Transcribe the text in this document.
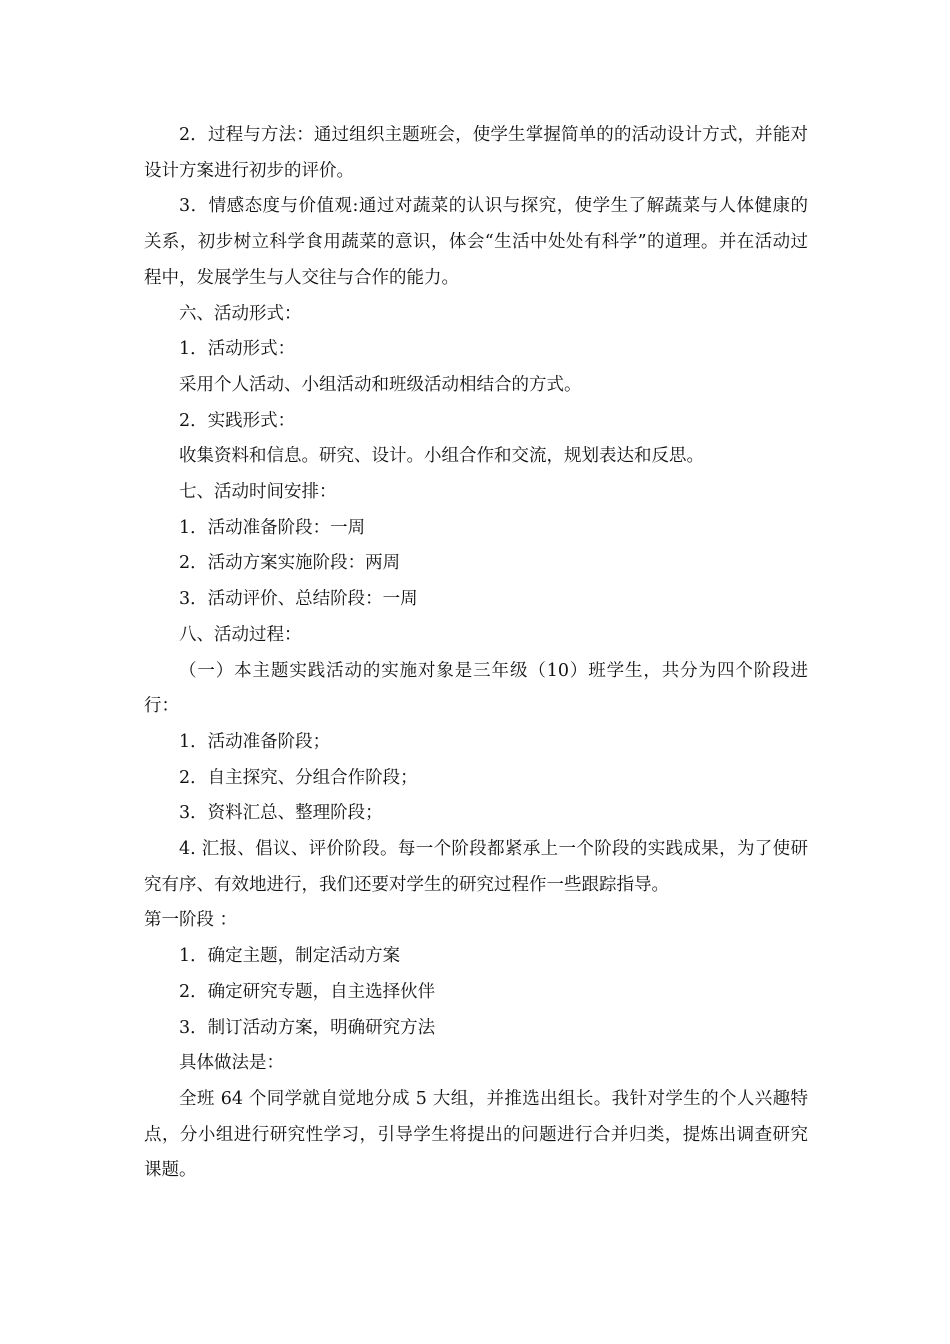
2．过程与方法：通过组织主题班会，使学生掌握简单的的活动设计方式，并能对设计方案进行初步的评价。

3．情感态度与价值观:通过对蔬菜的认识与探究，使学生了解蔬菜与人体健康的关系，初步树立科学食用蔬菜的意识，体会“生活中处处有科学”的道理。并在活动过程中，发展学生与人交往与合作的能力。

六、活动形式：

1．活动形式：

采用个人活动、小组活动和班级活动相结合的方式。

2．实践形式：

收集资料和信息。研究、设计。小组合作和交流，规划表达和反思。

七、活动时间安排：

1．活动准备阶段：一周

2．活动方案实施阶段：两周

3．活动评价、总结阶段：一周

八、活动过程：

（一）本主题实践活动的实施对象是三年级（10）班学生，共分为四个阶段进行：

1．活动准备阶段；

2．自主探究、分组合作阶段；

3．资料汇总、整理阶段；

4. 汇报、倡议、评价阶段。每一个阶段都紧承上一个阶段的实践成果，为了使研究有序、有效地进行，我们还要对学生的研究过程作一些跟踪指导。

第一阶段 ：

1．确定主题，制定活动方案

2．确定研究专题，自主选择伙伴

3．制订活动方案，明确研究方法

具体做法是：

全班 64 个同学就自觉地分成 5 大组，并推选出组长。我针对学生的个人兴趣特点，分小组进行研究性学习，引导学生将提出的问题进行合并归类，提炼出调查研究课题。
